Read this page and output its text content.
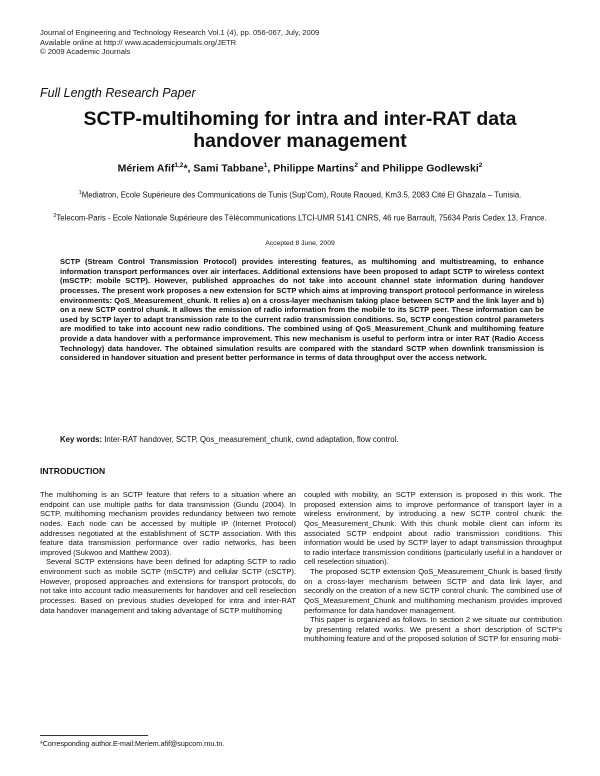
Journal of Engineering and Technology Research Vol.1 (4), pp. 056-067, July, 2009
Available online at http:// www.academicjournals.org/JETR
© 2009 Academic Journals
Full Length Research Paper
SCTP-multihoming for intra and inter-RAT data handover management
Mériem Afif$^{1,2}$*, Sami Tabbane$^1$, Philippe Martins$^2$ and Philippe Godlewski$^2$
$^1$Mediatron, Ecole Supérieure des Communications de Tunis (Sup'Com), Route Raoued, Km3.5, 2083 Cité El Ghazala – Tunisia.
$^2$Telecom-Paris - Ecole Nationale Supérieure des Télécommunications LTCI-UMR 5141 CNRS, 46 rue Barrault, 75634 Paris Cedex 13, France.
Accepted 8 June, 2009
SCTP (Stream Control Transmission Protocol) provides interesting features, as multihoming and multistreaming, to enhance information transport performances over air interfaces. Additional extensions have been proposed to adapt SCTP to wireless context (mSCTP: mobile SCTP). However, published approaches do not take into account channel state information during handover processes. The present work proposes a new extension for SCTP which aims at improving transport protocol performance in wireless environments: QoS_Measurement_chunk. It relies a) on a cross-layer mechanism taking place between SCTP and the link layer and b) on a new SCTP control chunk. It allows the emission of radio information from the mobile to its SCTP peer. These information can be used by SCTP layer to adapt transmission rate to the current radio transmission conditions. So, SCTP congestion control parameters are modified to take into account new radio conditions. The combined using of QoS_Measurement_Chunk and multihoming feature provide a data handover with a performance improvement. This new mechanism is useful to perform intra or inter RAT (Radio Access Technology) data handover. The obtained simulation results are compared with the standard SCTP when downlink transmission is considered in handover situation and present better performance in terms of data throughput over the access network.
Key words: Inter-RAT handover, SCTP, Qos_measurement_chunk, cwnd adaptation, flow control.
INTRODUCTION

The multihoming is an SCTP feature that refers to a situation where an endpoint can use multiple paths for data transmission (Gundu (2004). In SCTP, multihoming mechanism provides redundancy between two remote nodes. Each node can be accessed by multiple IP (Internet Protocol) addresses negotiated at the establishment of SCTP association. With this feature data transmission performance over radio networks, has been improved (Sukwoo and Matthew 2003).

Several SCTP extensions have been defined for adapting SCTP to radio environment such as mobile SCTP (mSCTP) and cellular SCTP (cSCTP). However, proposed approaches and extensions for transport protocols, do not take into account radio measurements for handover and cell reselection processes. Based on previous studies developed for intra and inter-RAT data handover management and taking advantage of SCTP multihoming

coupled with mobility, an SCTP extension is proposed in this work. The proposed extension aims to improve performance of transport layer in a wireless environment, by introducing a new SCTP control chunk: the Qos_Measurement_Chunk. With this chunk mobile client can inform its associated SCTP endpoint about radio transmission conditions. This information would be used by SCTP layer to adapt transmission throughput to radio interface transmission conditions (particularly useful in a handover or cell reselection situation).

The proposed SCTP extension QoS_Measurement_Chunk is based firstly on a cross-layer mechanism between SCTP and data link layer, and secondly on the creation of a new SCTP control chunk. The combined use of QoS_Measurement_Chunk and multihoming mechanism provides improved performance for data handover management.

This paper is organized as follows. In section 2 we situate our contribution by presenting related works. We present a short description of SCTP's multihoming feature and of the proposed solution of SCTP for ensuring mobi-

*Corresponding author.E-mail:Meriem.afif@supcom.rnu.tn.
